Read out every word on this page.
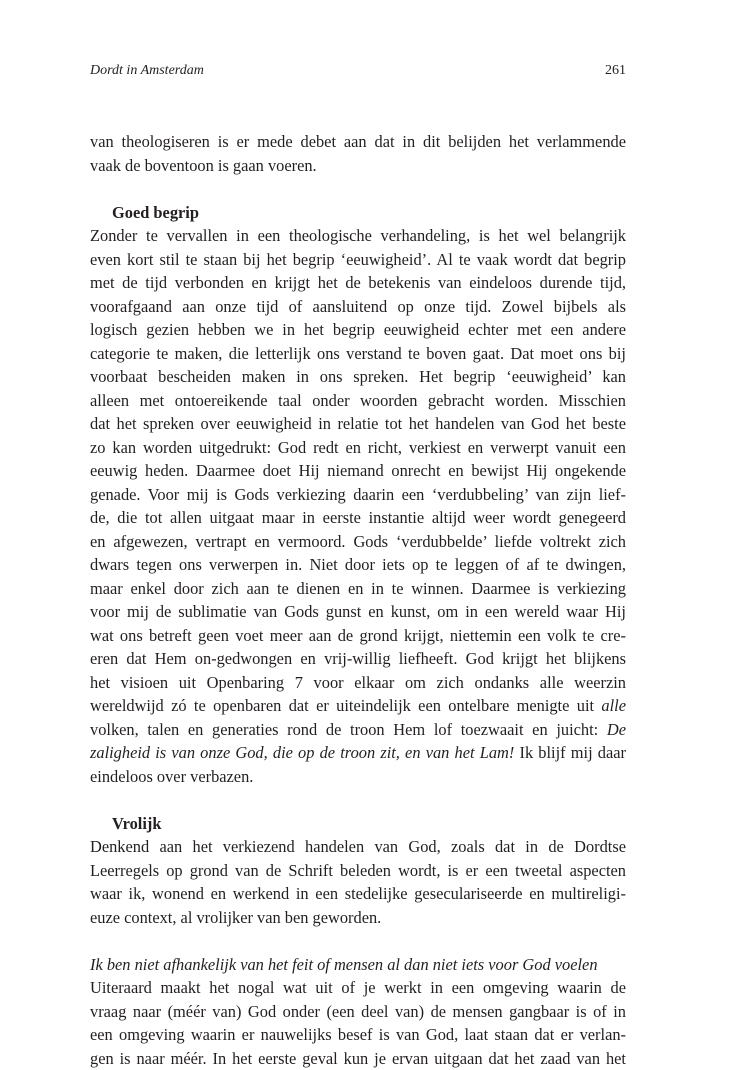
Dordt in Amsterdam	261
van theologiseren is er mede debet aan dat in dit belijden het verlammende
vaak de boventoon is gaan voeren.
Goed begrip
Zonder te vervallen in een theologische verhandeling, is het wel belangrijk
even kort stil te staan bij het begrip ‘eeuwigheid’. Al te vaak wordt dat begrip
met de tijd verbonden en krijgt het de betekenis van eindeloos durende tijd,
voorafgaand aan onze tijd of aansluitend op onze tijd. Zowel bijbels als
logisch gezien hebben we in het begrip eeuwigheid echter met een andere
categorie te maken, die letterlijk ons verstand te boven gaat. Dat moet ons bij
voorbaat bescheiden maken in ons spreken. Het begrip ‘eeuwigheid’ kan
alleen met ontoereikende taal onder woorden gebracht worden. Misschien
dat het spreken over eeuwigheid in relatie tot het handelen van God het beste
zo kan worden uitgedrukt: God redt en richt, verkiest en verwerpt vanuit een
eeuwig heden. Daarmee doet Hij niemand onrecht en bewijst Hij ongekende
genade. Voor mij is Gods verkiezing daarin een ‘verdubbeling’ van zijn lief-
de, die tot allen uitgaat maar in eerste instantie altijd weer wordt genegeerd
en afgewezen, vertrapt en vermoord. Gods ‘verdubbelde’ liefde voltrekt zich
dwars tegen ons verwerpen in. Niet door iets op te leggen of af te dwingen,
maar enkel door zich aan te dienen en in te winnen. Daarmee is verkiezing
voor mij de sublimatie van Gods gunst en kunst, om in een wereld waar Hij
wat ons betreft geen voet meer aan de grond krijgt, niettemin een volk te cre-
eren dat Hem on-gedwongen en vrij-willig liefheeft. God krijgt het blijkens
het visioen uit Openbaring 7 voor elkaar om zich ondanks alle weerzin
wereldwijd zó te openbaren dat er uiteindelijk een ontelbare menigte uit alle
volken, talen en generaties rond de troon Hem lof toezwaait en juicht: De
zaligheid is van onze God, die op de troon zit, en van het Lam! Ik blijf mij daar
eindeloos over verbazen.
Vrolijk
Denkend aan het verkiezend handelen van God, zoals dat in de Dordtse
Leerregels op grond van de Schrift beleden wordt, is er een tweetal aspecten
waar ik, wonend en werkend in een stedelijke geseculariseerde en multireligi-
euze context, al vrolijker van ben geworden.
Ik ben niet afhankelijk van het feit of mensen al dan niet iets voor God voelen
Uiteraard maakt het nogal wat uit of je werkt in een omgeving waarin de
vraag naar (méér van) God onder (een deel van) de mensen gangbaar is of in
een omgeving waarin er nauwelijks besef is van God, laat staan dat er verlan-
gen is naar méér. In het eerste geval kun je ervan uitgaan dat het zaad van het
